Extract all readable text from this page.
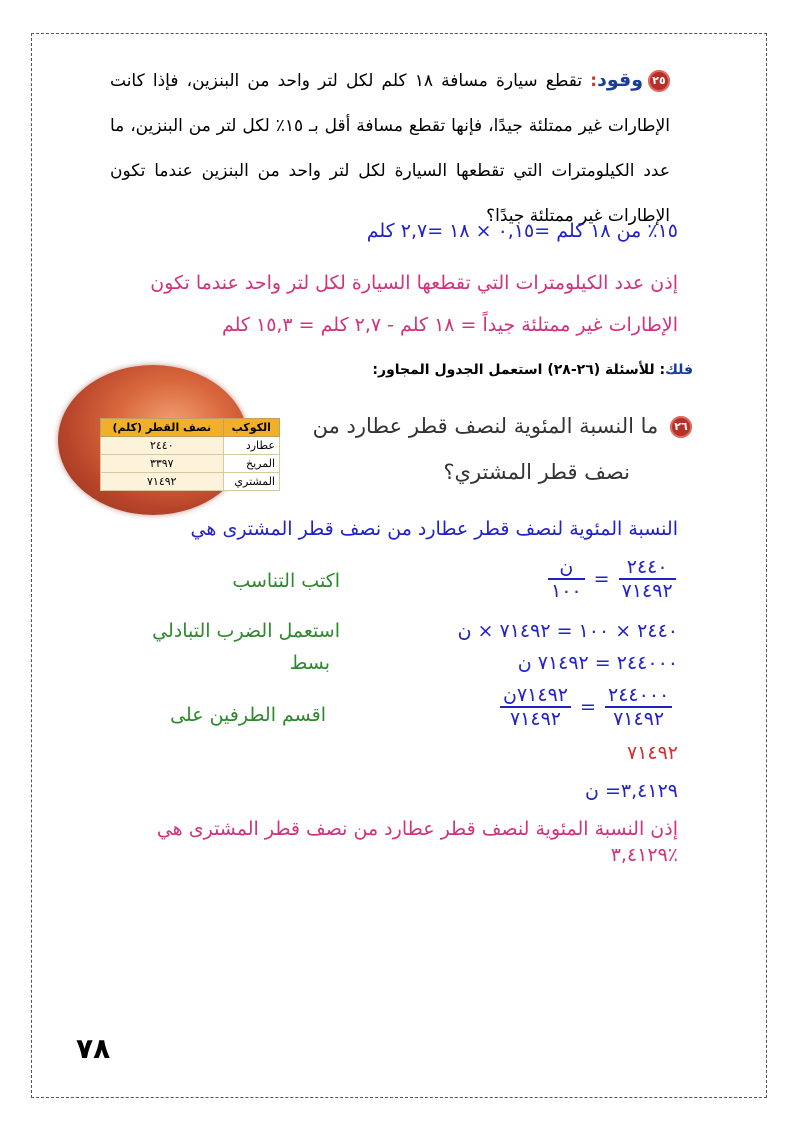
٢٥وقود: تقطع سيارة مسافة ١٨ كلم لكل لتر واحد من البنزين، فإذا كانت الإطارات غير ممتلئة جيدًا، فإنها تقطع مسافة أقل بـ ١٥٪ لكل لتر من البنزين، ما عدد الكيلومترات التي تقطعها السيارة لكل لتر واحد من البنزين عندما تكون الإطارات غير ممتلئة جيدًا؟
١٥٪ من ١٨ كلم =٠,١٥ × ١٨ =٢,٧ كلم
إذن عدد الكيلومترات التي تقطعها السيارة لكل لتر واحد عندما تكون
الإطارات غير ممتلئة جيداً = ١٨ كلم - ٢,٧ كلم = ١٥,٣ كلم
فلك: للأسئلة (٢٦-٢٨) استعمل الجدول المجاور:
الكوكب	نصف القطر (كلم)
عطارد	٢٤٤٠
المريخ	٣٣٩٧
المشتري	٧١٤٩٢
٢٦ ما النسبة المئوية لنصف قطر عطارد من
نصف قطر المشتري؟
النسبة المئوية لنصف قطر عطارد من نصف قطر المشترى هي
$\frac{\text{ن}}{١٠٠} = \frac{٢٤٤٠}{٧١٤٩٢}$
اكتب التناسب
٢٤٤٠ × ١٠٠ = ٧١٤٩٢ × ن
استعمل الضرب التبادلي
٢٤٤٠٠٠ = ٧١٤٩٢ ن
بسط
$\frac{\text{٧١٤٩٢ن}}{٧١٤٩٢} = \frac{٢٤٤٠٠٠}{٧١٤٩٢}$
اقسم الطرفين على
٧١٤٩٢
٣,٤١٢٩= ن
إذن النسبة المئوية لنصف قطر عطارد من نصف قطر المشترى هي
٣,٤١٢٩٪
٧٨
